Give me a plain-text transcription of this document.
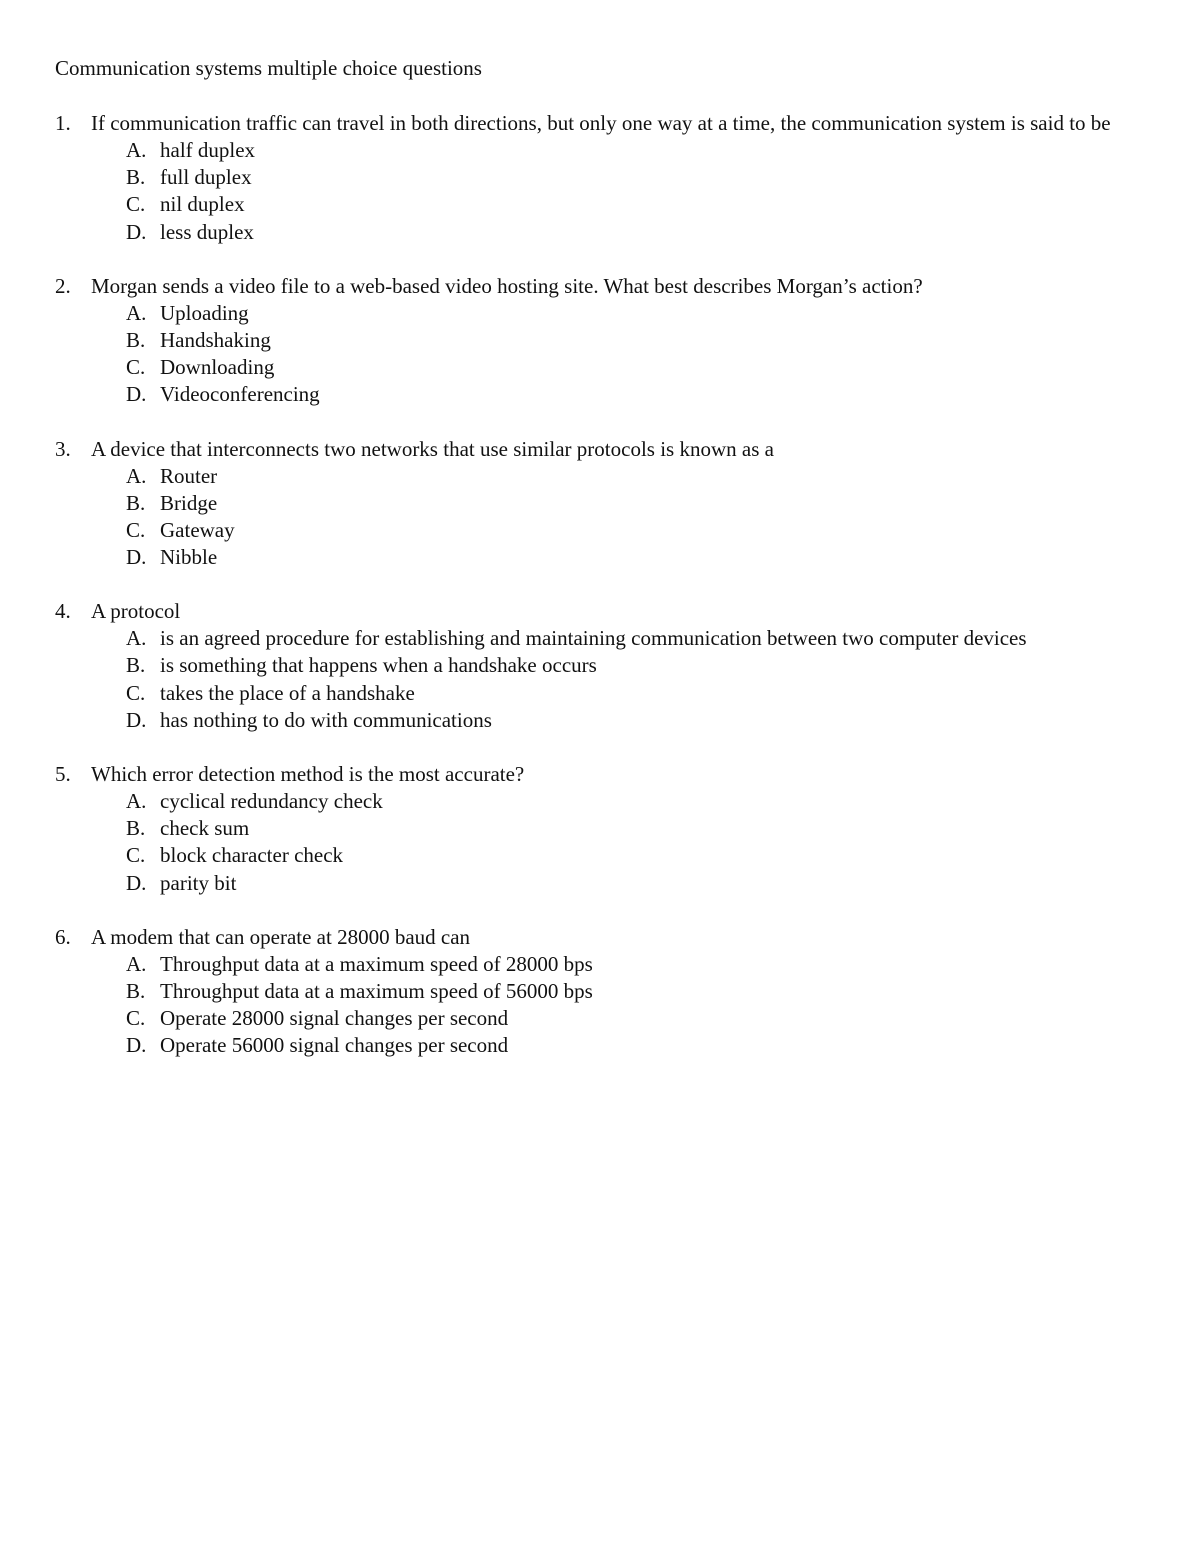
Communication systems multiple choice questions
1. If communication traffic can travel in both directions, but only one way at a time, the communication system is said to be
A. half duplex
B. full duplex
C. nil duplex
D. less duplex
2. Morgan sends a video file to a web-based video hosting site. What best describes Morgan’s action?
A. Uploading
B. Handshaking
C. Downloading
D. Videoconferencing
3. A device that interconnects two networks that use similar protocols is known as a
A. Router
B. Bridge
C. Gateway
D. Nibble
4. A protocol
A. is an agreed procedure for establishing and maintaining communication between two computer devices
B. is something that happens when a handshake occurs
C. takes the place of a handshake
D. has nothing to do with communications
5. Which error detection method is the most accurate?
A. cyclical redundancy check
B. check sum
C. block character check
D. parity bit
6. A modem that can operate at 28000 baud can
A. Throughput data at a maximum speed of 28000 bps
B. Throughput data at a maximum speed of 56000 bps
C. Operate 28000 signal changes per second
D. Operate 56000 signal changes per second
